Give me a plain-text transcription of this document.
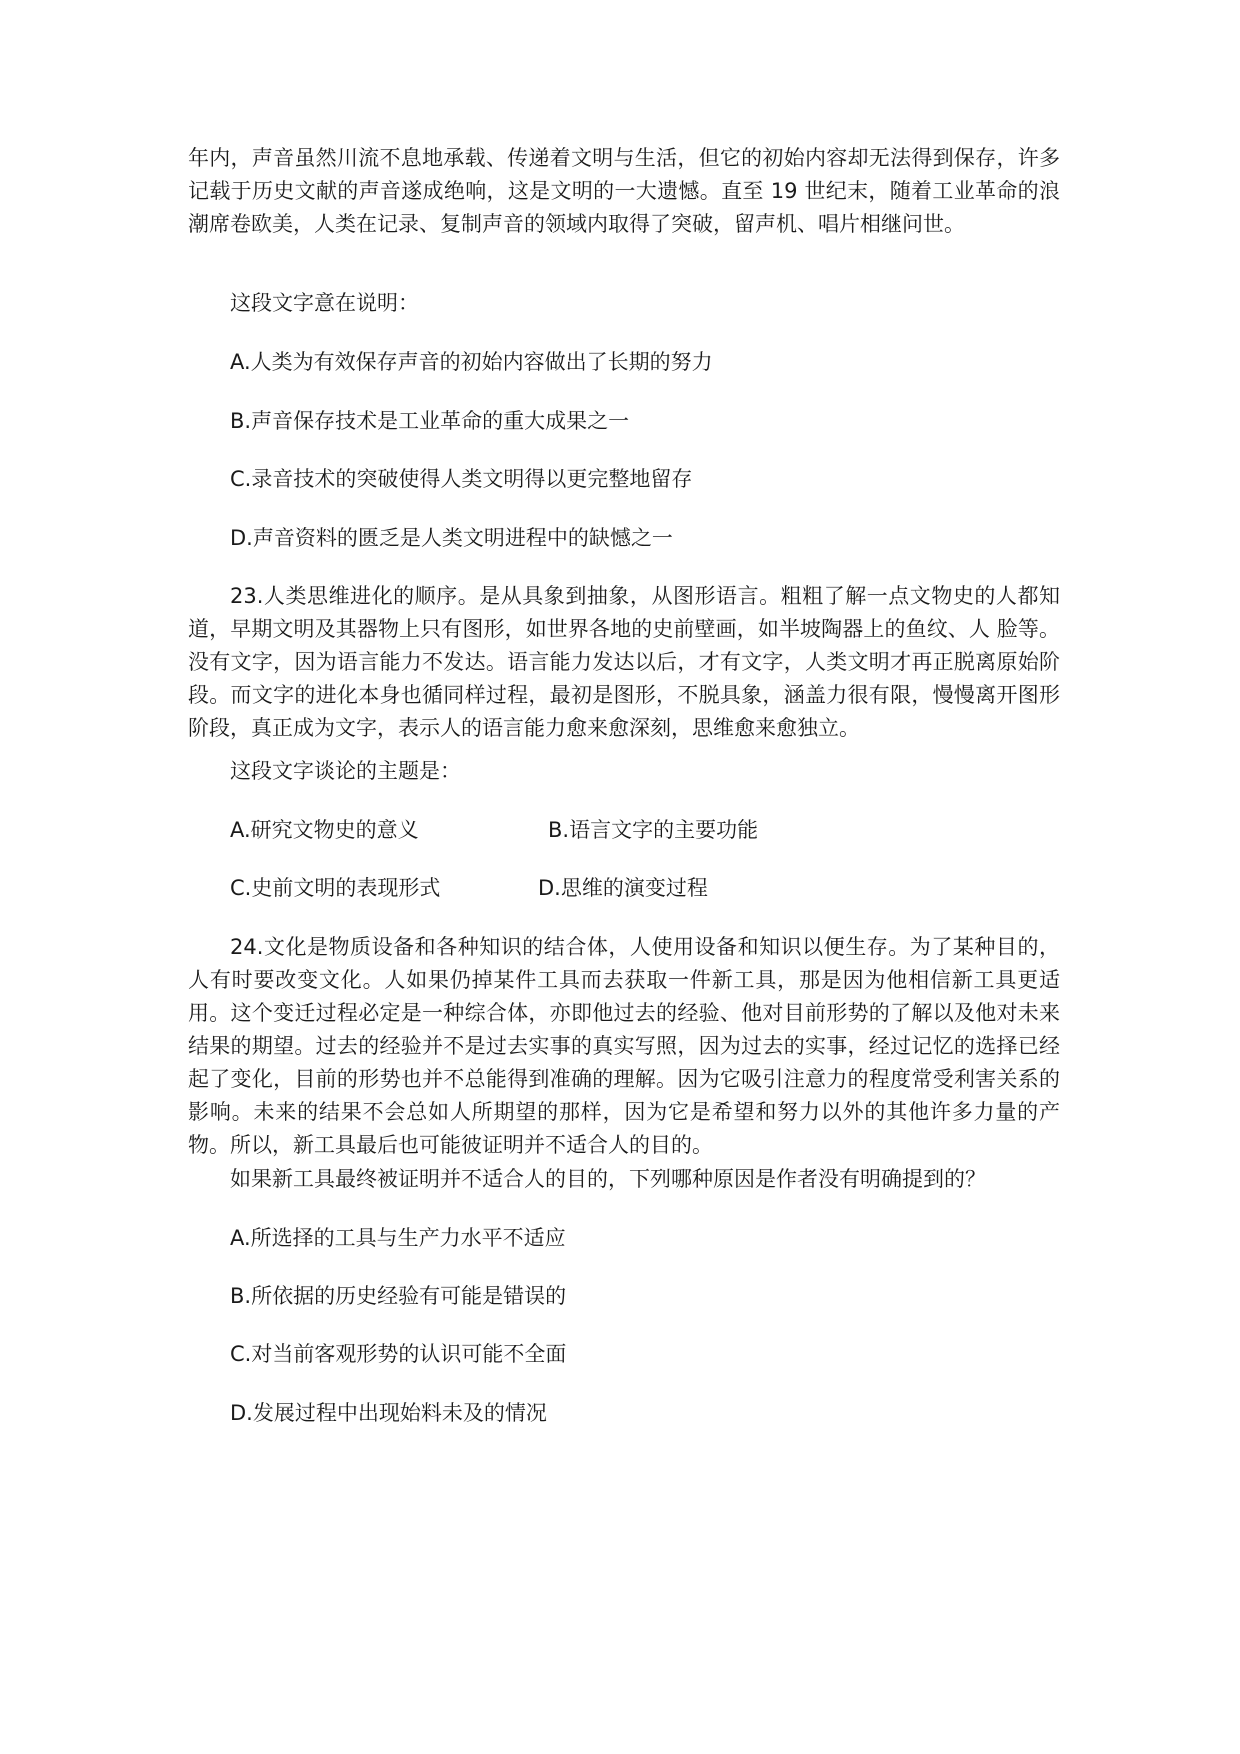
年内，声音虽然川流不息地承载、传递着文明与生活，但它的初始内容却无法得到保存，许多记载于历史文献的声音遂成绝响，这是文明的一大遗憾。直至 19 世纪末，随着工业革命的浪潮席卷欧美，人类在记录、复制声音的领域内取得了突破，留声机、唱片相继问世。

这段文字意在说明：

A.人类为有效保存声音的初始内容做出了长期的努力

B.声音保存技术是工业革命的重大成果之一

C.录音技术的突破使得人类文明得以更完整地留存

D.声音资料的匮乏是人类文明进程中的缺憾之一

23.人类思维进化的顺序。是从具象到抽象，从图形语言。粗粗了解一点文物史的人都知道，早期文明及其器物上只有图形，如世界各地的史前壁画，如半坡陶器上的鱼纹、人 脸等。没有文字，因为语言能力不发达。语言能力发达以后，才有文字，人类文明才再正脱离原始阶段。而文字的进化本身也循同样过程，最初是图形，不脱具象，涵盖力很有限，慢慢离开图形阶段，真正成为文字，表示人的语言能力愈来愈深刻，思维愈来愈独立。

这段文字谈论的主题是：

A.研究文物史的意义	B.语言文字的主要功能

C.史前文明的表现形式	D.思维的演变过程

24.文化是物质设备和各种知识的结合体，人使用设备和知识以便生存。为了某种目的，人有时要改变文化。人如果仍掉某件工具而去获取一件新工具，那是因为他相信新工具更适用。这个变迁过程必定是一种综合体，亦即他过去的经验、他对目前形势的了解以及他对未来结果的期望。过去的经验并不是过去实事的真实写照，因为过去的实事，经过记忆的选择已经起了变化，目前的形势也并不总能得到准确的理解。因为它吸引注意力的程度常受利害关系的影响。未来的结果不会总如人所期望的那样，因为它是希望和努力以外的其他许多力量的产物。所以，新工具最后也可能彼证明并不适合人的目的。

如果新工具最终被证明并不适合人的目的，下列哪种原因是作者没有明确提到的？

A.所选择的工具与生产力水平不适应

B.所依据的历史经验有可能是错误的

C.对当前客观形势的认识可能不全面

D.发展过程中出现始料未及的情况
